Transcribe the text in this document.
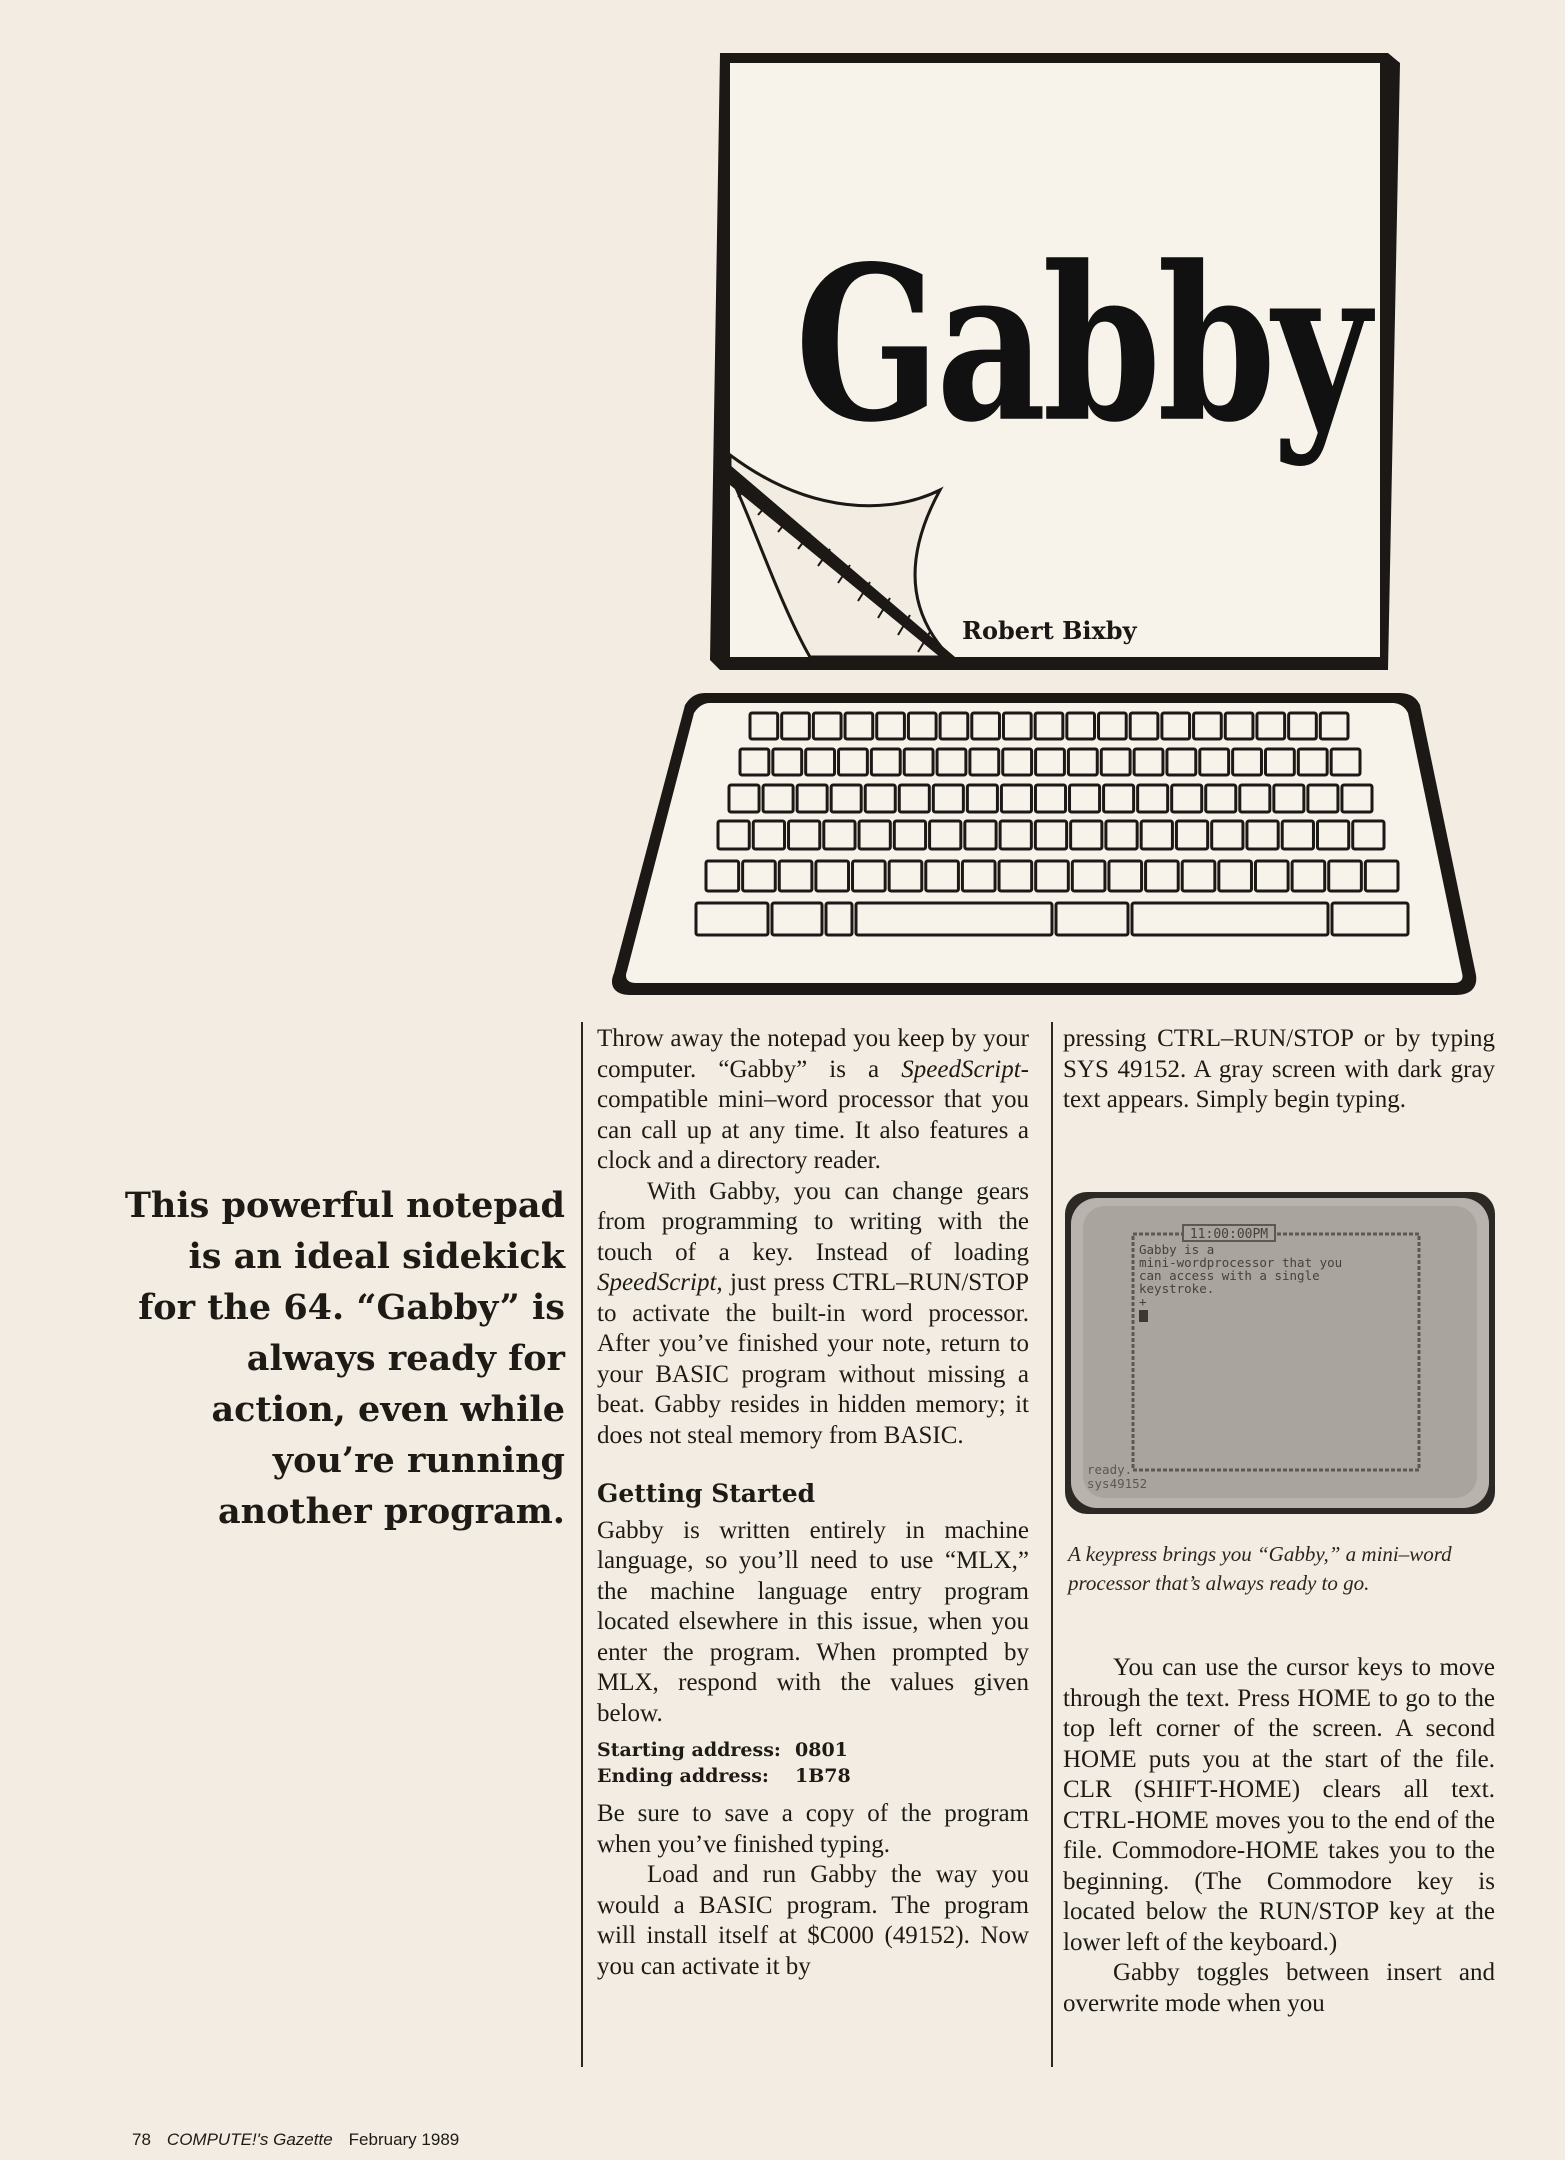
Gabby
Robert Bixby
This powerful notepad is an ideal sidekick for the 64. “Gabby” is always ready for action, even while you’re running another program.

Throw away the notepad you keep by your computer. “Gabby” is a SpeedScript-compatible mini–word processor that you can call up at any time. It also features a clock and a directory reader.

With Gabby, you can change gears from programming to writing with the touch of a key. Instead of loading SpeedScript, just press CTRL–RUN/STOP to activate the built-in word processor. After you’ve finished your note, return to your BASIC program without missing a beat. Gabby resides in hidden memory; it does not steal memory from BASIC.

Getting Started

Gabby is written entirely in machine language, so you’ll need to use “MLX,” the machine language entry program located elsewhere in this issue, when you enter the program. When prompted by MLX, respond with the values given below.

Starting address: 0801
Ending address: 1B78

Be sure to save a copy of the program when you’ve finished typing.

Load and run Gabby the way you would a BASIC program. The program will install itself at $C000 (49152). Now you can activate it by

pressing CTRL–RUN/STOP or by typing SYS 49152. A gray screen with dark gray text appears. Simply begin typing.

11:00:00PM
Gabby is a
mini-wordprocessor that you
can access with a single
keystroke.
+
ready.
sys49152
A keypress brings you “Gabby,” a mini–word processor that’s always ready to go.

You can use the cursor keys to move through the text. Press HOME to go to the top left corner of the screen. A second HOME puts you at the start of the file. CLR (SHIFT-HOME) clears all text. CTRL-HOME moves you to the end of the file. Commodore-HOME takes you to the beginning. (The Commodore key is located below the RUN/STOP key at the lower left of the keyboard.)

Gabby toggles between insert and overwrite mode when you

78 COMPUTE!'s Gazette February 1989
